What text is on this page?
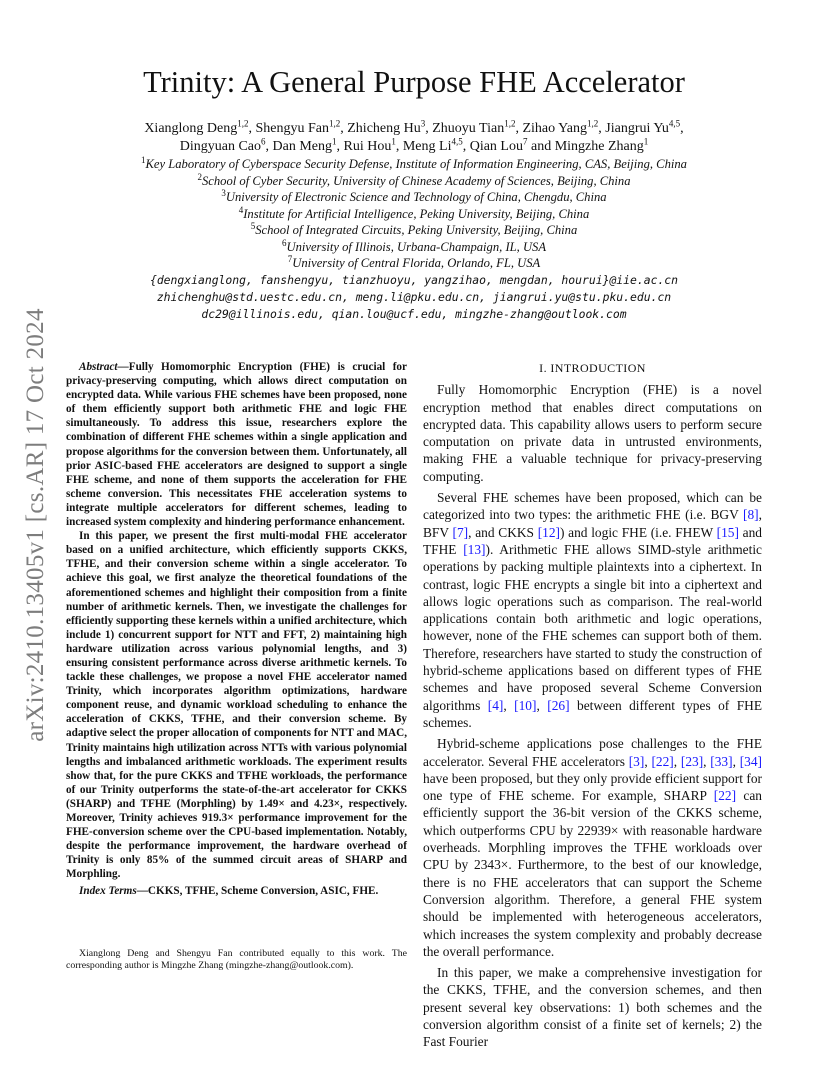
arXiv:2410.13405v1 [cs.AR] 17 Oct 2024
Trinity: A General Purpose FHE Accelerator
Xianglong Deng$^{1,2}$, Shengyu Fan$^{1,2}$, Zhicheng Hu$^3$, Zhuoyu Tian$^{1,2}$, Zihao Yang$^{1,2}$, Jiangrui Yu$^{4,5}$,
Dingyuan Cao$^6$, Dan Meng$^1$, Rui Hou$^1$, Meng Li$^{4,5}$, Qian Lou$^7$ and Mingzhe Zhang$^1$
$^1$Key Laboratory of Cyberspace Security Defense, Institute of Information Engineering, CAS, Beijing, China
$^2$School of Cyber Security, University of Chinese Academy of Sciences, Beijing, China
$^3$University of Electronic Science and Technology of China, Chengdu, China
$^4$Institute for Artificial Intelligence, Peking University, Beijing, China
$^5$School of Integrated Circuits, Peking University, Beijing, China
$^6$University of Illinois, Urbana-Champaign, IL, USA
$^7$University of Central Florida, Orlando, FL, USA
{dengxianglong, fanshengyu, tianzhuoyu, yangzihao, mengdan, hourui}@iie.ac.cn
zhichenghu@std.uestc.edu.cn, meng.li@pku.edu.cn, jiangrui.yu@stu.pku.edu.cn
dc29@illinois.edu, qian.lou@ucf.edu, mingzhe-zhang@outlook.com

Abstract—Fully Homomorphic Encryption (FHE) is crucial for privacy-preserving computing, which allows direct computation on encrypted data. While various FHE schemes have been proposed, none of them efficiently support both arithmetic FHE and logic FHE simultaneously. To address this issue, researchers explore the combination of different FHE schemes within a single application and propose algorithms for the conversion between them. Unfortunately, all prior ASIC-based FHE accelerators are designed to support a single FHE scheme, and none of them supports the acceleration for FHE scheme conversion. This necessitates FHE acceleration systems to integrate multiple accelerators for different schemes, leading to increased system complexity and hindering performance enhancement.

In this paper, we present the first multi-modal FHE accelerator based on a unified architecture, which efficiently supports CKKS, TFHE, and their conversion scheme within a single accelerator. To achieve this goal, we first analyze the theoretical foundations of the aforementioned schemes and highlight their composition from a finite number of arithmetic kernels. Then, we investigate the challenges for efficiently supporting these kernels within a unified architecture, which include 1) concurrent support for NTT and FFT, 2) maintaining high hardware utilization across various polynomial lengths, and 3) ensuring consistent performance across diverse arithmetic kernels. To tackle these challenges, we propose a novel FHE accelerator named Trinity, which incorporates algorithm optimizations, hardware component reuse, and dynamic workload scheduling to enhance the acceleration of CKKS, TFHE, and their conversion scheme. By adaptive select the proper allocation of components for NTT and MAC, Trinity maintains high utilization across NTTs with various polynomial lengths and imbalanced arithmetic workloads. The experiment results show that, for the pure CKKS and TFHE workloads, the performance of our Trinity outperforms the state-of-the-art accelerator for CKKS (SHARP) and TFHE (Morphling) by 1.49× and 4.23×, respectively. Moreover, Trinity achieves 919.3× performance improvement for the FHE-conversion scheme over the CPU-based implementation. Notably, despite the performance improvement, the hardware overhead of Trinity is only 85% of the summed circuit areas of SHARP and Morphling.

Index Terms—CKKS, TFHE, Scheme Conversion, ASIC, FHE.

Xianglong Deng and Shengyu Fan contributed equally to this work. The corresponding author is Mingzhe Zhang (mingzhe-zhang@outlook.com).

I. INTRODUCTION

Fully Homomorphic Encryption (FHE) is a novel encryption method that enables direct computations on encrypted data. This capability allows users to perform secure computation on private data in untrusted environments, making FHE a valuable technique for privacy-preserving computing.

Several FHE schemes have been proposed, which can be categorized into two types: the arithmetic FHE (i.e. BGV [8], BFV [7], and CKKS [12]) and logic FHE (i.e. FHEW [15] and TFHE [13]). Arithmetic FHE allows SIMD-style arithmetic operations by packing multiple plaintexts into a ciphertext. In contrast, logic FHE encrypts a single bit into a ciphertext and allows logic operations such as comparison. The real-world applications contain both arithmetic and logic operations, however, none of the FHE schemes can support both of them. Therefore, researchers have started to study the construction of hybrid-scheme applications based on different types of FHE schemes and have proposed several Scheme Conversion algorithms [4], [10], [26] between different types of FHE schemes.

Hybrid-scheme applications pose challenges to the FHE accelerator. Several FHE accelerators [3], [22], [23], [33], [34] have been proposed, but they only provide efficient support for one type of FHE scheme. For example, SHARP [22] can efficiently support the 36-bit version of the CKKS scheme, which outperforms CPU by 22939× with reasonable hardware overheads. Morphling improves the TFHE workloads over CPU by 2343×. Furthermore, to the best of our knowledge, there is no FHE accelerators that can support the Scheme Conversion algorithm. Therefore, a general FHE system should be implemented with heterogeneous accelerators, which increases the system complexity and probably decrease the overall performance.

In this paper, we make a comprehensive investigation for the CKKS, TFHE, and the conversion schemes, and then present several key observations: 1) both schemes and the conversion algorithm consist of a finite set of kernels; 2) the Fast Fourier
